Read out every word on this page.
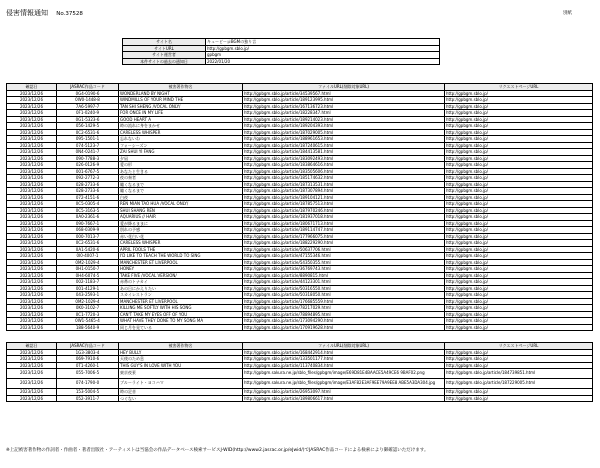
侵害情報通知 No.37528	別紙
サイト名	キューピー＠BGMの独り言
サイトURL	http://gpbgm.sblo.jp/
サイト運営者	gpbgm
本件サイトの過去の通知日	2022/01/20
確認日	JASRAC作品コード	被害著作物名	ファイルURL(削除対象URL)	リクエストページURL
2023/12/26	0G4-0190-6	WONDERLAND BY NIGHT	http://gpbgm.sblo.jp/article/34539567.html	http://gpbgm.sblo.jp/
2023/12/26	0W0-1448-8	WINDMILLS OF YOUR MIND THE	http://gpbgm.sblo.jp/article/189123995.html	http://gpbgm.sblo.jp/
2023/12/26	7A6-5997-7	TAN SHI SHENG /VOCAL ONLY/	http://gpbgm.sblo.jp/article/167136723.html	http://gpbgm.sblo.jp/
2023/12/26	0F1-0240-9	FOR ONCE IN MY LIFE	http://gpbgm.sblo.jp/article/18228347.html	http://gpbgm.sblo.jp/
2023/12/26	0G1-5323-6	GOOD HEART A	http://gpbgm.sblo.jp/article/189214023.html	http://gpbgm.sblo.jp/
2023/12/26	056-1429-5	時の流れに身をまかせ	http://gpbgm.sblo.jp/article/189204393.html	http://gpbgm.sblo.jp/
2023/12/26	0C2-6531-6	CARELESS WHISPER	http://gpbgm.sblo.jp/article/187029005.html	http://gpbgm.sblo.jp/
2023/12/26	095-1501-1	忘れないわ	http://gpbgm.sblo.jp/article/188961653.html	http://gpbgm.sblo.jp/
2023/12/26	074-5123-7	フォーシーズン	http://gpbgm.sblo.jp/article/187240615.html	http://gpbgm.sblo.jp/
2023/12/26	0N4-0241-7	ZAI SHUI YI FANG	http://gpbgm.sblo.jp/article/184413581.html	http://gpbgm.sblo.jp/
2023/12/26	090-7788-3	夕凪	http://gpbgm.sblo.jp/article/183092493.html	http://gpbgm.sblo.jp/
2023/12/26	026-0126-9	愛の形	http://gpbgm.sblo.jp/article/183864616.html	http://gpbgm.sblo.jp/
2023/12/26	001-6767-5	あなたと生きる	http://gpbgm.sblo.jp/article/183505606.html	http://gpbgm.sblo.jp/
2023/12/26	092-2772-3	夜の奏者	http://gpbgm.sblo.jp/article/185174632.html	http://gpbgm.sblo.jp/
2023/12/26	028-2733-6	瞳くなるまで	http://gpbgm.sblo.jp/article/187313531.html	http://gpbgm.sblo.jp/
2023/12/26	028-2733-6	瞳くなるまで	http://gpbgm.sblo.jp/article/187307894.html	http://gpbgm.sblo.jp/
2023/12/26	072-4151-6	白夜	http://gpbgm.sblo.jp/article/189104121.html	http://gpbgm.sblo.jp/
2023/12/26	0C5-0305-4	REN MIAN TAO HUA /VOCAL ONLY/	http://gpbgm.sblo.jp/article/187857513.html	http://gpbgm.sblo.jp/
2023/12/26	0C5-3163-5	SHUI SHANG REN	http://gpbgm.sblo.jp/article/187970246.html	http://gpbgm.sblo.jp/
2023/12/26	0A0-2361-6	AQUARIUS // HAIR	http://gpbgm.sblo.jp/article/181937018.html	http://gpbgm.sblo.jp/
2023/12/26	090-7667-1	愛が降るままに	http://gpbgm.sblo.jp/article/180671713.html	http://gpbgm.sblo.jp/
2023/12/26	068-0309-9	別れの予感	http://gpbgm.sblo.jp/article/189114747.html	http://gpbgm.sblo.jp/
2023/12/26	000-7013-7	赤い花白い花	http://gpbgm.sblo.jp/article/177966075.html	http://gpbgm.sblo.jp/
2023/12/26	0C2-6531-6	CARELESS WHISPER	http://gpbgm.sblo.jp/article/188229290.html	http://gpbgm.sblo.jp/
2023/12/26	0A1-5420-6	APRIL FOOLS THE	http://gpbgm.sblo.jp/article/50637706.html	http://gpbgm.sblo.jp/
2023/12/26	0I0-4007-1	I'D LIKE TO TEACH THE WORLD TO SING	http://gpbgm.sblo.jp/article/47155346.html	http://gpbgm.sblo.jp/
2023/12/26	0M2-1029-4	MANCHESTER ET LIVERPOOL	http://gpbgm.sblo.jp/article/54350355.html	http://gpbgm.sblo.jp/
2023/12/26	0H1-0150-7	HONEY	http://gpbgm.sblo.jp/article/36769743.html	http://gpbgm.sblo.jp/
2023/12/26	0H4-6074-5	TAKE FIVE /VOCAL VERSION/	http://gpbgm.sblo.jp/article/8890815.html	http://gpbgm.sblo.jp/
2023/12/26	002-1183-7	赤鼻のトナカイ	http://gpbgm.sblo.jp/article/44123301.html	http://gpbgm.sblo.jp/
2023/12/26	001-4129-1	あの日にかえりたい	http://gpbgm.sblo.jp/article/50316550.html	http://gpbgm.sblo.jp/
2023/12/26	043-2593-1	スカイレストラン	http://gpbgm.sblo.jp/article/50318050.html	http://gpbgm.sblo.jp/
2023/12/26	0M2-1029-4	MANCHESTER ET LIVERPOOL	http://gpbgm.sblo.jp/article/176685559.html	http://gpbgm.sblo.jp/
2023/12/26	0K0-3102-7	KILLING ME SOFTLY WITH HIS SONG	http://gpbgm.sblo.jp/article/78217029.html	http://gpbgm.sblo.jp/
2023/12/26	0C1-7720-3	CAN'T TAKE MY EYES OFF OF YOU	http://gpbgm.sblo.jp/article/78894895.html	http://gpbgm.sblo.jp/
2023/12/26	0W1-5465-4	WHAT HAVE THEY DONE TO MY SONG MA	http://gpbgm.sblo.jp/article/173094290.html	http://gpbgm.sblo.jp/
2023/12/26	188-5640-9	同じ月を見ている	http://gpbgm.sblo.jp/article/170919628.html	http://gpbgm.sblo.jp/
確認日	JASRAC作品コード	被害著作物名	ファイルURL(削除対象URL)	リクエストページURL
2023/12/26	1G3-3803-4	HEY BULLY	http://gpbgm.sblo.jp/article/168442914.html	http://gpbgm.sblo.jp/
2023/12/26	069-7910-6	天使のため息	http://gpbgm.sblo.jp/article/133501177.html	http://gpbgm.sblo.jp/
2023/12/26	0T1-4260-1	THIS GUY'S IN LOVE WITH YOU	http://gpbgm.sblo.jp/article/113740834.html	http://gpbgm.sblo.jp/
2023/12/26	055-7006-5	東京夜景	http://gpbgm.sakura.ne.jp/sblo_files/gpbgm/image/E69D81E4BAACE5A49CE6 9BAF02.png	http://gpbgm.sblo.jp/article/184739851.html
2023/12/26	074-1790-0	ブルーライト・ヨコハマ	http://gpbgm.sakura.ne.jp/sblo_files/gpbgm/image/E3AF82E3AF9EE79A9EE8 ABE5A3DA304.jpg	http://gpbgm.sblo.jp/article/187229005.html
2023/12/26	153-5004-5	時の足音	http://gpbgm.sblo.jp/article/26953097.html	http://gpbgm.sblo.jp/
2023/12/26	052-3911-7	つぐない	http://gpbgm.sblo.jp/article/189806617.html	http://gpbgm.sblo.jp/
※上記被害著作物の作詞者・作曲者・著者出版社・アーティストは当協会の作品データベース検索サービスJ-WID(http://www2.jasrac.or.jp/eJwid/)でJASRAC作品コードによる検索により御確認いただけます。
